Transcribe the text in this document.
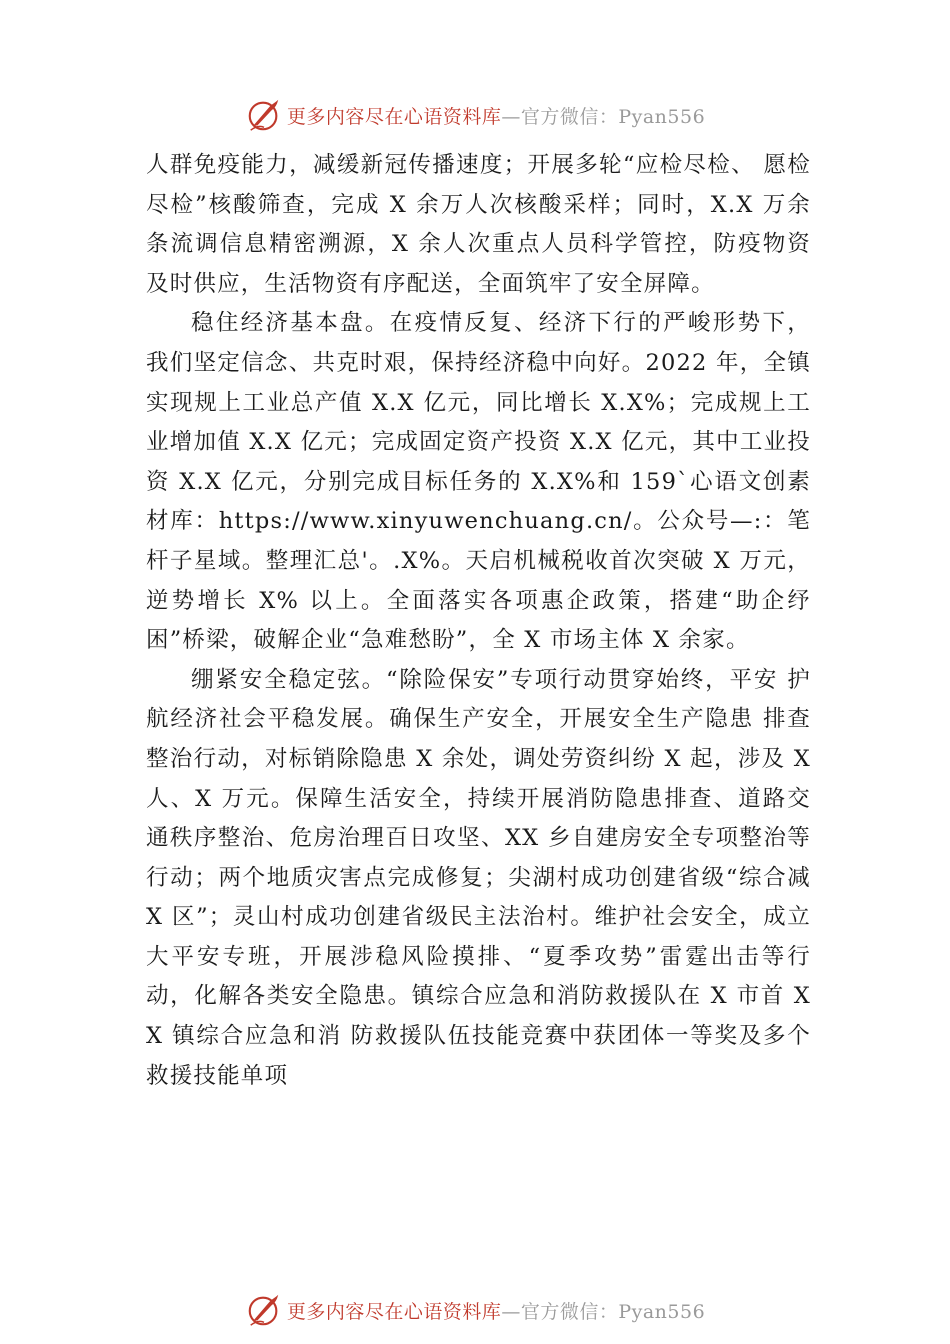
更多内容尽在心语资料库—官方微信：Pyan556

人群免疫能力，减缓新冠传播速度；开展多轮“应检尽检、 愿检尽检”核酸筛查，完成 X 余万人次核酸采样；同时，X.X 万余条流调信息精密溯源，X 余人次重点人员科学管控，防疫物资及时供应，生活物资有序配送，全面筑牢了安全屏障。

稳住经济基本盘。在疫情反复、经济下行的严峻形势下， 我们坚定信念、共克时艰，保持经济稳中向好。2022 年，全镇实现规上工业总产值 X.X 亿元，同比增长 X.X%；完成规上工业增加值 X.X 亿元；完成固定资产投资 X.X 亿元，其中工业投资 X.X 亿元，分别完成目标任务的 X.X%和 159`心语文创素材库：https://www.xinyuwenchuang.cn/。公众号—:：笔杆子星域。整理汇总'。.X%。天启机械税收首次突破 X 万元，逆势增长 X% 以上。全面落实各项惠企政策，搭建“助企纾困”桥梁，破解企业“急难愁盼”，全 X 市场主体 X 余家。

绷紧安全稳定弦。“除险保安”专项行动贯穿始终，平安 护航经济社会平稳发展。确保生产安全，开展安全生产隐患 排查整治行动，对标销除隐患 X 余处，调处劳资纠纷 X 起，涉及 X 人、X 万元。保障生活安全，持续开展消防隐患排查、道路交通秩序整治、危房治理百日攻坚、XX 乡自建房安全专项整治等行动；两个地质灾害点完成修复；尖湖村成功创建省级“综合减 X 区”；灵山村成功创建省级民主法治村。维护社会安全，成立大平安专班，开展涉稳风险摸排、“夏季攻势”雷霆出击等行动，化解各类安全隐患。镇综合应急和消防救援队在 X 市首 XX 镇综合应急和消 防救援队伍技能竞赛中获团体一等奖及多个救援技能单项

更多内容尽在心语资料库—官方微信：Pyan556
